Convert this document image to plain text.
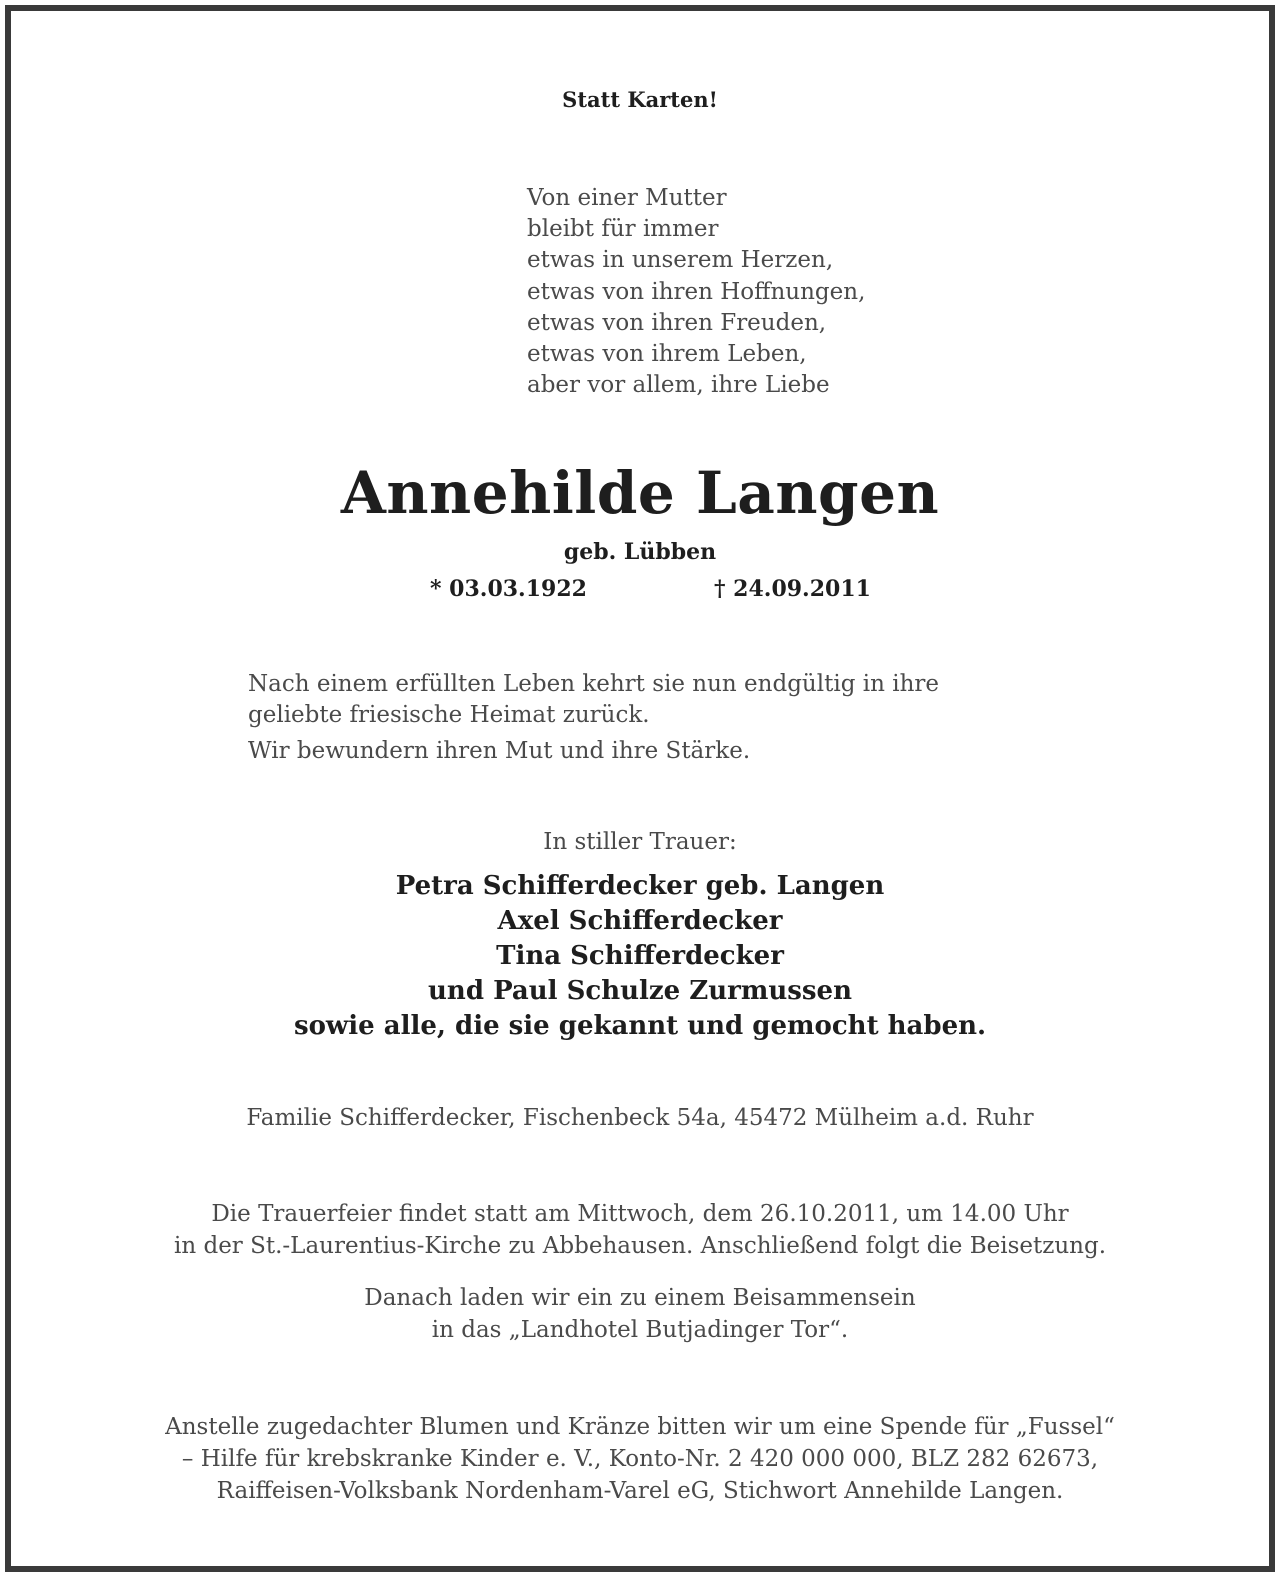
Statt Karten!
Von einer Mutter
bleibt für immer
etwas in unserem Herzen,
etwas von ihren Hoffnungen,
etwas von ihren Freuden,
etwas von ihrem Leben,
aber vor allem, ihre Liebe
Annehilde Langen
geb. Lübben
* 03.03.1922	† 24.09.2011
Nach einem erfüllten Leben kehrt sie nun endgültig in ihre
geliebte friesische Heimat zurück.
Wir bewundern ihren Mut und ihre Stärke.
In stiller Trauer:
Petra Schifferdecker geb. Langen
Axel Schifferdecker
Tina Schifferdecker
und Paul Schulze Zurmussen
sowie alle, die sie gekannt und gemocht haben.
Familie Schifferdecker, Fischenbeck 54a, 45472 Mülheim a.d. Ruhr
Die Trauerfeier findet statt am Mittwoch, dem 26.10.2011, um 14.00 Uhr
in der St.-Laurentius-Kirche zu Abbehausen. Anschließend folgt die Beisetzung.
Danach laden wir ein zu einem Beisammensein
in das „Landhotel Butjadinger Tor“.
Anstelle zugedachter Blumen und Kränze bitten wir um eine Spende für „Fussel“
– Hilfe für krebskranke Kinder e. V., Konto-Nr. 2 420 000 000, BLZ 282 62673,
Raiffeisen-Volksbank Nordenham-Varel eG, Stichwort Annehilde Langen.
